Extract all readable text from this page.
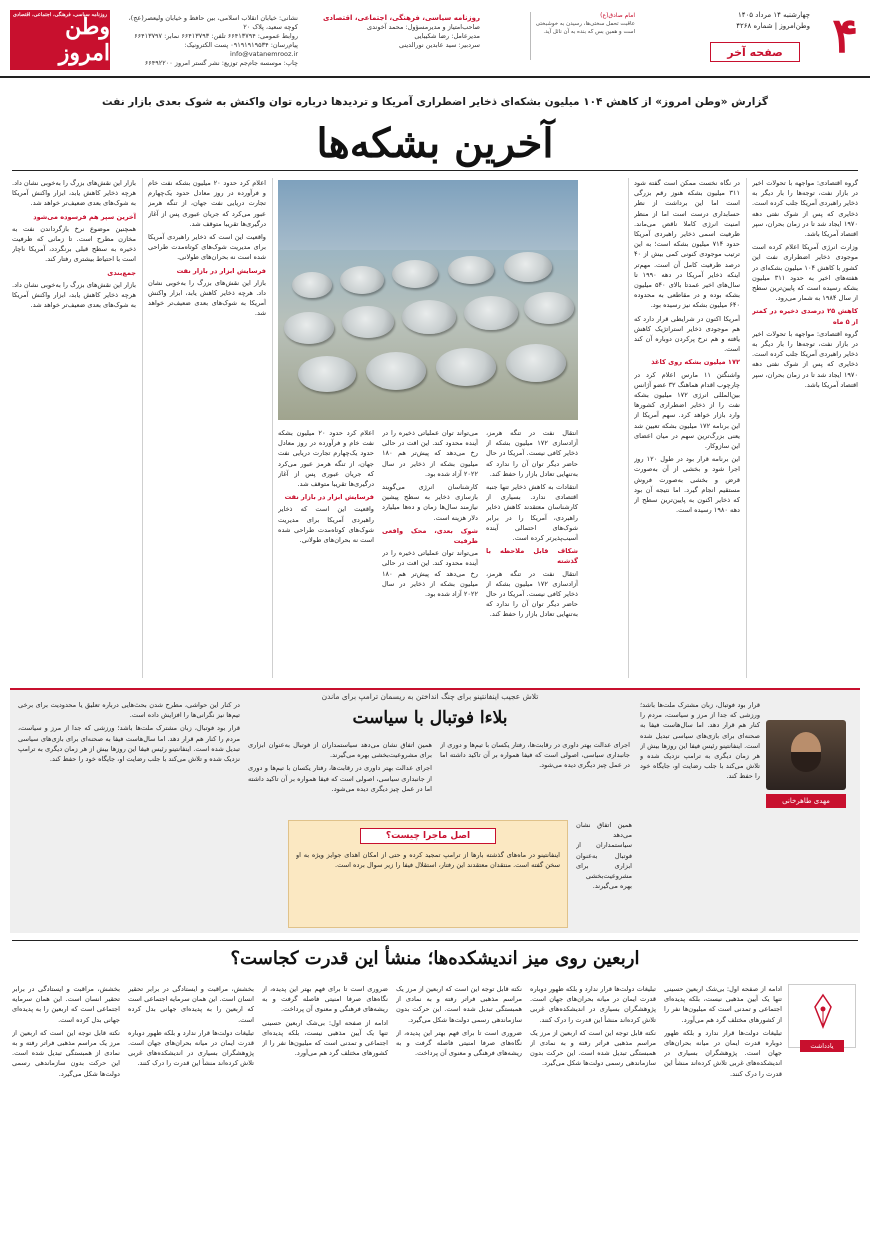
روزنامه سیاسی، فرهنگی، اجتماعی، اقتصادی
وطن امروز
نشانی: خیابان انقلاب اسلامی، بین حافظ و خیابان ولیعصر(عج)، کوچه سعید، پلاک ۲۰
روابط عمومی: ۶۶۴۱۳۷۹۴ تلفن: ۶۶۴۱۳۷۹۳ نمابر: ۶۶۴۱۳۷۹۷
پیام‌رسان: ۰۹۱۹۱۹۱۹۵۳۴ پست الکترونیک: info@vatanemrooz.ir
چاپ: موسسه جام‌جم توزیع: نشر گستر امروز ۶۶۴۹۲۲۰۰
روزنامه سیاسی، فرهنگی، اجتماعی، اقتصادی
صاحب‌امتیاز و مدیرمسؤول: محمد آخوندی
مدیرعامل: رضا شکیبایی
سردبیر: سید عابدین نورالدینی
امام صادق(ع)
عاقبت تحمل سختی‌ها، رسیدن به خوشبختی است و همین بس که بنده به آن نائل آید.
چهارشنبه ۱۴ مرداد ۱۴۰۵
وطن‌امروز | شماره ۴۲۶۸
صفحه آخر	۴
گزارش «وطن امروز» از کاهش ۱۰۴ میلیون بشکه‌ای ذخایر اضطراری آمریکا و تردیدها درباره توان واکنش به شوک بعدی بازار نفت
آخرین بشکه‌ها

گروه اقتصادی: مواجهه با تحولات اخیر در بازار نفت، توجه‌ها را بار دیگر به ذخایر راهبردی آمریکا جلب کرده است. ذخایری که پس از شوک نفتی دهه ۱۹۷۰ ایجاد شد تا در زمان بحران، سپر اقتصاد آمریکا باشد.

وزارت انرژی آمریکا اعلام کرده است موجودی ذخایر اضطراری نفت این کشور با کاهش ۱۰۴ میلیون بشکه‌ای در هفته‌های اخیر به حدود ۳۱۱ میلیون بشکه رسیده است که پایین‌ترین سطح از سال ۱۹۸۴ به شمار می‌رود.

کاهش ۲۵ درصدی ذخیره در کمتر از ۵ ماه

گروه اقتصادی: مواجهه با تحولات اخیر در بازار نفت، توجه‌ها را بار دیگر به ذخایر راهبردی آمریکا جلب کرده است. ذخایری که پس از شوک نفتی دهه ۱۹۷۰ ایجاد شد تا در زمان بحران، سپر اقتصاد آمریکا باشد.

در نگاه نخست ممکن است گفته شود ۳۱۱ میلیون بشکه هنوز رقم بزرگی است اما این برداشت از نظر حسابداری درست است اما از منظر امنیت انرژی کاملا ناقص می‌ماند. ظرفیت اسمی ذخایر راهبردی آمریکا حدود ۷۱۴ میلیون بشکه است؛ به این ترتیب موجودی کنونی کمی بیش از ۴۰ درصد ظرفیت کامل آن است. مهم‌تر اینکه ذخایر آمریکا در دهه ۱۹۹۰ تا سال‌های اخیر عمدتا بالای ۵۴۰ میلیون بشکه بوده و در مقاطعی به محدوده ۶۴۰ میلیون بشکه نیز رسیده بود.

آمریکا اکنون در شرایطی قرار دارد که هم موجودی ذخایر استراتژیک کاهش یافته و هم نرخ پرکردن دوباره آن کند است.

۱۷۲ میلیون بشکه روی کاغذ

واشنگتن ۱۱ مارس اعلام کرد در چارچوب اقدام هماهنگ ۳۲ عضو آژانس بین‌المللی انرژی ۱۷۲ میلیون بشکه نفت را از ذخایر اضطراری کشورها وارد بازار خواهد کرد. سهم آمریکا از این برنامه ۱۷۲ میلیون بشکه تعیین شد یعنی بزرگ‌ترین سهم در میان اعضای این سازوکار.

این برنامه قرار بود در طول ۱۲۰ روز اجرا شود و بخشی از آن به‌صورت قرض و بخشی به‌صورت فروش مستقیم انجام گیرد. اما نتیجه آن بود که ذخایر اکنون به پایین‌ترین سطح از دهه ۱۹۸۰ رسیده است.

انتقال نفت در تنگه هرمز، آزادسازی ۱۷۲ میلیون بشکه از ذخایر کافی نیست. آمریکا در حال حاضر دیگر توان آن را ندارد که به‌تنهایی تعادل بازار را حفظ کند.

انتقادات به کاهش ذخایر تنها جنبه اقتصادی ندارد. بسیاری از کارشناسان معتقدند کاهش ذخایر راهبردی، آمریکا را در برابر شوک‌های احتمالی آینده آسیب‌پذیرتر کرده است.

شکاف قابل ملاحظه با گذشته

انتقال نفت در تنگه هرمز، آزادسازی ۱۷۲ میلیون بشکه از ذخایر کافی نیست. آمریکا در حال حاضر دیگر توان آن را ندارد که به‌تنهایی تعادل بازار را حفظ کند.

می‌تواند توان عملیاتی ذخیره را در آینده محدود کند. این افت در حالی رخ می‌دهد که پیش‌تر هم ۱۸۰ میلیون بشکه از ذخایر در سال ۲۰۲۲ آزاد شده بود.

کارشناسان انرژی می‌گویند بازسازی ذخایر به سطح پیشین نیازمند سال‌ها زمان و ده‌ها میلیارد دلار هزینه است.

شوک بعدی، محک واقعی ظرفیت

می‌تواند توان عملیاتی ذخیره را در آینده محدود کند. این افت در حالی رخ می‌دهد که پیش‌تر هم ۱۸۰ میلیون بشکه از ذخایر در سال ۲۰۲۲ آزاد شده بود.

اعلام کرد حدود ۲۰ میلیون بشکه نفت خام و فرآورده در روز معادل حدود یک‌چهارم تجارت دریایی نفت جهان، از تنگه هرمز عبور می‌کرد که جریان عبوری پس از آغاز درگیری‌ها تقریبا متوقف شد.

فرسایش ابزار در بازار نفت

واقعیت این است که ذخایر راهبردی آمریکا برای مدیریت شوک‌های کوتاه‌مدت طراحی شده است نه بحران‌های طولانی.

اعلام کرد حدود ۲۰ میلیون بشکه نفت خام و فرآورده در روز معادل حدود یک‌چهارم تجارت دریایی نفت جهان، از تنگه هرمز عبور می‌کرد که جریان عبوری پس از آغاز درگیری‌ها تقریبا متوقف شد.

واقعیت این است که ذخایر راهبردی آمریکا برای مدیریت شوک‌های کوتاه‌مدت طراحی شده است نه بحران‌های طولانی.

فرسایش ابزار در بازار نفت

بازار این نقش‌های بزرگ را به‌خوبی نشان داد. هرچه ذخایر کاهش یابد، ابزار واکنش آمریکا به شوک‌های بعدی ضعیف‌تر خواهد شد.

بازار این نقش‌های بزرگ را به‌خوبی نشان داد. هرچه ذخایر کاهش یابد، ابزار واکنش آمریکا به شوک‌های بعدی ضعیف‌تر خواهد شد.

آخرین سپر هم فرسوده می‌شود

همچنین موضوع نرخ بازگرداندن نفت به مخازن مطرح است. تا زمانی که ظرفیت ذخیره به سطح قبلی برنگردد، آمریکا ناچار است با احتیاط بیشتری رفتار کند.

جمع‌بندی

بازار این نقش‌های بزرگ را به‌خوبی نشان داد. هرچه ذخایر کاهش یابد، ابزار واکنش آمریکا به شوک‌های بعدی ضعیف‌تر خواهد شد.

تلاش عجیب اینفانتینو برای چنگ انداختن به ریسمان ترامپ برای ماندن
بلاءا فوتبال با سیاست
مهدی طاهرخانی

قرار بود فوتبال، زبان مشترک ملت‌ها باشد؛ ورزشی که جدا از مرز و سیاست، مردم را کنار هم قرار دهد. اما سال‌هاست فیفا به صحنه‌ای برای بازی‌های سیاسی تبدیل شده است. اینفانتینو رئیس فیفا این روزها بیش از هر زمان دیگری به ترامپ نزدیک شده و تلاش می‌کند با جلب رضایت او، جایگاه خود را حفظ کند.

اجرای عدالت بهتر داوری در رقابت‌ها، رفتار یکسان با تیم‌ها و دوری از جانبداری سیاسی، اصولی است که فیفا همواره بر آن تاکید داشته اما در عمل چیز دیگری دیده می‌شود.

همین اتفاق نشان می‌دهد سیاستمداران از فوتبال به‌عنوان ابزاری برای مشروعیت‌بخشی بهره می‌گیرند.

اجرای عدالت بهتر داوری در رقابت‌ها، رفتار یکسان با تیم‌ها و دوری از جانبداری سیاسی، اصولی است که فیفا همواره بر آن تاکید داشته اما در عمل چیز دیگری دیده می‌شود.

در کنار این حواشی، مطرح شدن بحث‌هایی درباره تعلیق یا محدودیت برای برخی تیم‌ها نیز نگرانی‌ها را افزایش داده است.

قرار بود فوتبال، زبان مشترک ملت‌ها باشد؛ ورزشی که جدا از مرز و سیاست، مردم را کنار هم قرار دهد. اما سال‌هاست فیفا به صحنه‌ای برای بازی‌های سیاسی تبدیل شده است. اینفانتینو رئیس فیفا این روزها بیش از هر زمان دیگری به ترامپ نزدیک شده و تلاش می‌کند با جلب رضایت او، جایگاه خود را حفظ کند.

اصل ماجرا چیست؟

اینفانتینو در ماه‌های گذشته بارها از ترامپ تمجید کرده و حتی از امکان اهدای جوایز ویژه به او سخن گفته است. منتقدان معتقدند این رفتار، استقلال فیفا را زیر سوال برده است.

همین اتفاق نشان می‌دهد سیاستمداران از فوتبال به‌عنوان ابزاری برای مشروعیت‌بخشی بهره می‌گیرند.

اربعین روی میز اندیشکده‌ها؛ منشأ این قدرت کجاست؟
یادداشت

ادامه از صفحه اول: بی‌شک اربعین حسینی تنها یک آیین مذهبی نیست، بلکه پدیده‌ای اجتماعی و تمدنی است که میلیون‌ها نفر را از کشورهای مختلف گرد هم می‌آورد.

تبلیغات دولت‌ها قرار ندارد و بلکه ظهور دوباره قدرت ایمان در میانه بحران‌های جهان است. پژوهشگران بسیاری در اندیشکده‌های غربی تلاش کرده‌اند منشأ این قدرت را درک کنند.

تبلیغات دولت‌ها قرار ندارد و بلکه ظهور دوباره قدرت ایمان در میانه بحران‌های جهان است. پژوهشگران بسیاری در اندیشکده‌های غربی تلاش کرده‌اند منشأ این قدرت را درک کنند.

نکته قابل توجه این است که اربعین از مرز یک مراسم مذهبی فراتر رفته و به نمادی از همبستگی تبدیل شده است. این حرکت بدون سازماندهی رسمی دولت‌ها شکل می‌گیرد.

نکته قابل توجه این است که اربعین از مرز یک مراسم مذهبی فراتر رفته و به نمادی از همبستگی تبدیل شده است. این حرکت بدون سازماندهی رسمی دولت‌ها شکل می‌گیرد.

ضروری است تا برای فهم بهتر این پدیده، از نگاه‌های صرفا امنیتی فاصله گرفت و به ریشه‌های فرهنگی و معنوی آن پرداخت.

ضروری است تا برای فهم بهتر این پدیده، از نگاه‌های صرفا امنیتی فاصله گرفت و به ریشه‌های فرهنگی و معنوی آن پرداخت.

ادامه از صفحه اول: بی‌شک اربعین حسینی تنها یک آیین مذهبی نیست، بلکه پدیده‌ای اجتماعی و تمدنی است که میلیون‌ها نفر را از کشورهای مختلف گرد هم می‌آورد.

بخشش، مراقبت و ایستادگی در برابر تحقیر انسان است. این همان سرمایه اجتماعی است که اربعین را به پدیده‌ای جهانی بدل کرده است.

تبلیغات دولت‌ها قرار ندارد و بلکه ظهور دوباره قدرت ایمان در میانه بحران‌های جهان است. پژوهشگران بسیاری در اندیشکده‌های غربی تلاش کرده‌اند منشأ این قدرت را درک کنند.

بخشش، مراقبت و ایستادگی در برابر تحقیر انسان است. این همان سرمایه اجتماعی است که اربعین را به پدیده‌ای جهانی بدل کرده است.

نکته قابل توجه این است که اربعین از مرز یک مراسم مذهبی فراتر رفته و به نمادی از همبستگی تبدیل شده است. این حرکت بدون سازماندهی رسمی دولت‌ها شکل می‌گیرد.
